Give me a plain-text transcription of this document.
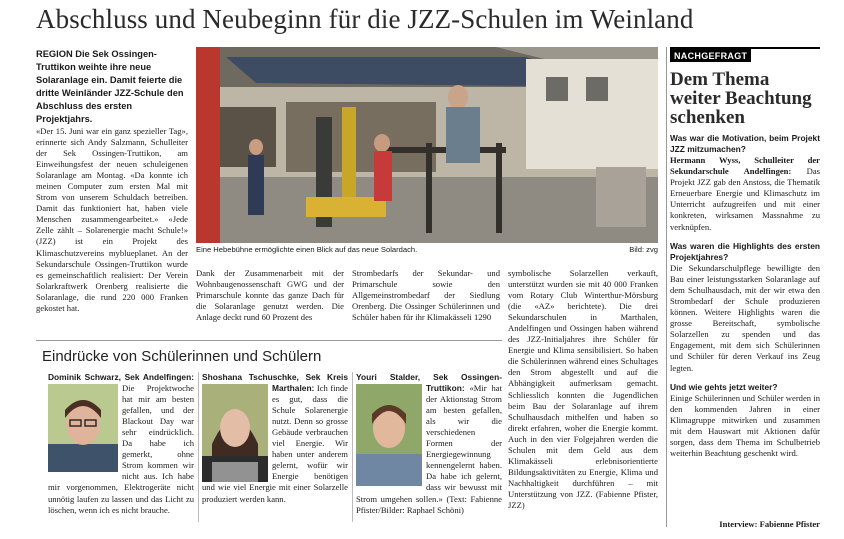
Abschluss und Neubeginn für die JZZ-Schulen im Weinland
REGION Die Sek Ossingen-Truttikon weihte ihre neue Solaranlage ein. Damit feierte die dritte Weinländer JZZ-Schule den Abschluss des ersten Projektjahrs.
«Der 15. Juni war ein ganz spezieller Tag», erinnerte sich Andy Salzmann, Schulleiter der Sek Ossingen-Truttikon, am Einweihungsfest der neuen schuleigenen Solaranlage am Montag. «Da konnte ich meinen Computer zum ersten Mal mit Strom von unserem Schuldach betreiben. Damit das funktioniert hat, haben viele Menschen zusammengearbeitet.» «Jede Zelle zählt – Solarenergie macht Schule!» (JZZ) ist ein Projekt des Klimaschutzvereins myblueplanet. An der Sekundarschule Ossingen-Truttikon wurde es gemeinschaftlich realisiert: Der Verein Solarkraftwerk Orenberg realisierte die Solaranlage, die rund 220 000 Franken gekostet hat.
Eine Hebebühne ermöglichte einen Blick auf das neue Solardach.	Bild: zvg
Dank der Zusammenarbeit mit der Wohnbaugenossenschaft GWG und der Primarschule konnte das ganze Dach für die Solaranlage genutzt werden. Die Anlage deckt rund 60 Prozent des
Strombedarfs der Sekundar- und Primarschule sowie den Allgemeinstrombedarf der Siedlung Orenberg. Die Ossinger Schülerinnen und Schüler haben für ihr Klimakässeli 1290
symbolische Solarzellen verkauft, unterstützt wurden sie mit 40 000 Franken vom Rotary Club Winterthur-Mörsburg (die «AZ» berichtete). Die drei Sekundarschulen in Marthalen, Andelfingen und Ossingen haben während des JZZ-Initialjahres ihre Schüler für Energie und Klima sensibilisiert. So haben die Schülerinnen während eines Schultages den Strom abgestellt und auf die Abhängigkeit aufmerksam gemacht. Schliesslich konnten die Jugendlichen beim Bau der Solaranlage auf ihrem Schulhausdach mithelfen und haben so direkt erfahren, woher die Energie kommt. Auch in den vier Folgejahren werden die Schulen mit dem Geld aus dem Klimakässeli erlebnisorientierte Bildungsaktivitäten zu Energie, Klima und Nachhaltigkeit durchführen – mit Unterstützung von JZZ. (Fabienne Pfister, JZZ)
NACHGEFRAGT
Dem Thema weiter Beachtung schenken
Was war die Motivation, beim Projekt JZZ mitzumachen?
Hermann Wyss, Schulleiter der Sekundarschule Andelfingen: Das Projekt JZZ gab den Anstoss, die Thematik Erneuerbare Energie und Klimaschutz im Unterricht aufzugreifen und mit einer konkreten, wirksamen Massnahme zu verknüpfen.
Was waren die Highlights des ersten Projektjahres?
Die Sekundarschulpflege bewilligte den Bau einer leistungsstarken Solaranlage auf dem Schulhausdach, mit der wir etwa den Strombedarf der Schule produzieren können. Weitere Highlights waren die grosse Bereitschaft, symbolische Solarzellen zu spenden und das Engagement, mit dem sich Schülerinnen und Schüler für deren Verkauf ins Zeug legten.
Und wie gehts jetzt weiter?
Einige Schülerinnen und Schüler werden in den kommenden Jahren in einer Klimagruppe mitwirken und zusammen mit dem Hauswart mit Aktionen dafür sorgen, dass dem Thema im Schulbetrieb weiterhin Beachtung geschenkt wird.
Interview: Fabienne Pfister
Eindrücke von Schülerinnen und Schülern
Dominik Schwarz, Sek Andelfingen:
Die Projektwoche hat mir am besten gefallen, und der Blackout Day war sehr eindrücklich. Da habe ich gemerkt, ohne Strom kommen wir nicht aus. Ich habe mir vorgenommen, Elektrogeräte nicht unnötig laufen zu lassen und das Licht zu löschen, wenn ich es nicht brauche.
Shoshana Tschuschke, Sek Kreis Marthalen:
Ich finde es gut, dass die Schule Solarenergie nutzt. Denn so grosse Gebäude verbrauchen viel Energie. Wir haben unter anderem gelernt, wofür wir Energie benötigen und wie viel Energie mit einer Solarzelle produziert werden kann.
Youri Stalder, Sek Ossingen-Truttikon:
«Mir hat der Aktionstag Strom am besten gefallen, als wir die verschiedenen Formen der Energiegewinnung kennengelernt haben. Da habe ich gelernt, dass wir bewusst mit Strom umgehen sollen.» (Text: Fabienne Pfister/Bilder: Raphael Schöni)
